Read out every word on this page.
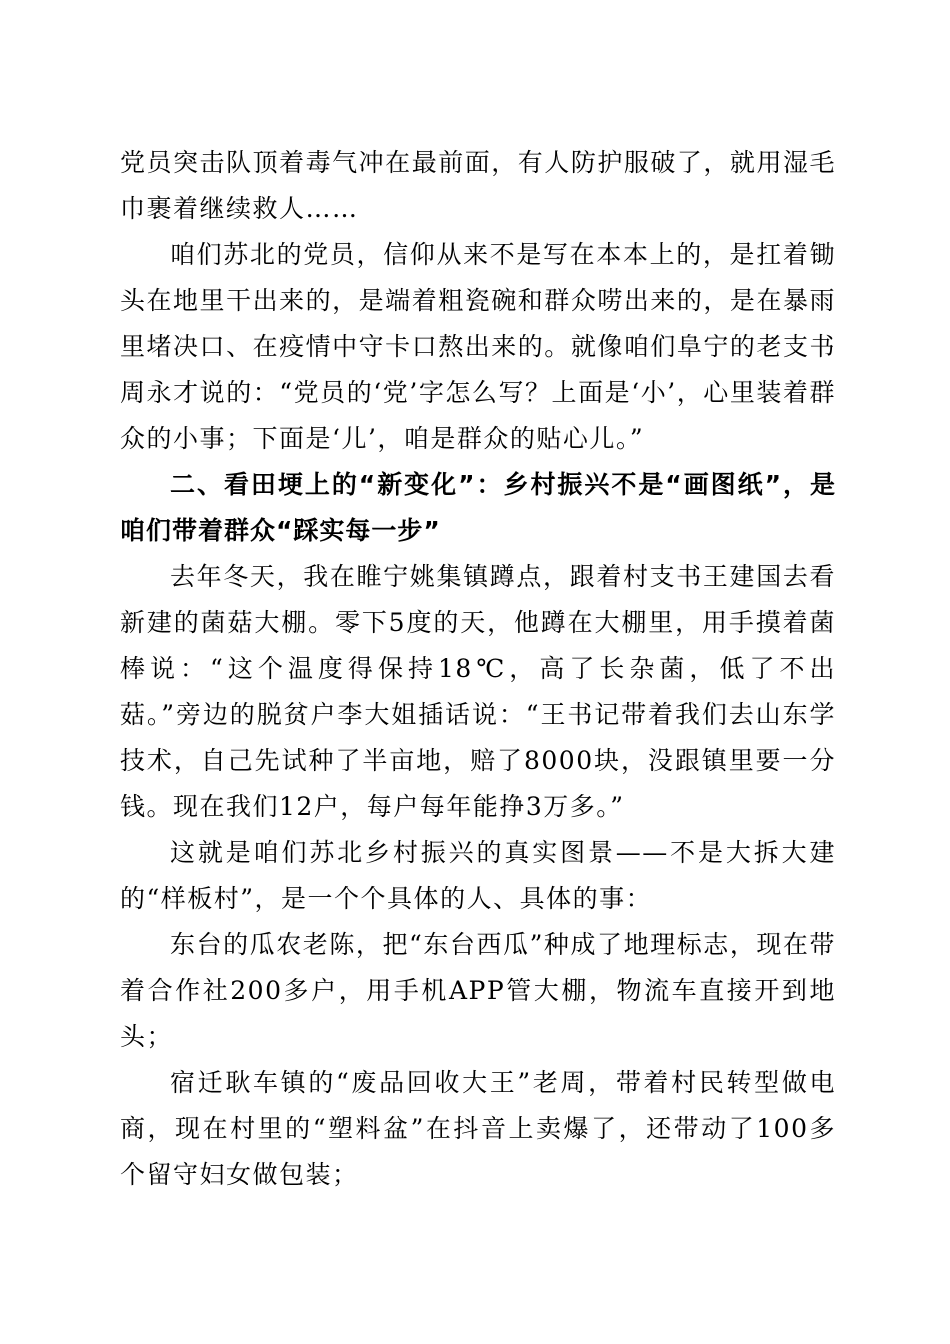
党员突击队顶着毒气冲在最前面，有人防护服破了，就用湿毛巾裹着继续救人……

咱们苏北的党员，信仰从来不是写在本本上的，是扛着锄头在地里干出来的，是端着粗瓷碗和群众唠出来的，是在暴雨里堵决口、在疫情中守卡口熬出来的。就像咱们阜宁的老支书周永才说的：“党员的‘党’字怎么写？上面是‘小’，心里装着群众的小事；下面是‘儿’，咱是群众的贴心儿。”

二、看田埂上的“新变化”：乡村振兴不是“画图纸”，是咱们带着群众“踩实每一步”

去年冬天，我在睢宁姚集镇蹲点，跟着村支书王建国去看新建的菌菇大棚。零下5度的天，他蹲在大棚里，用手摸着菌棒说：“这个温度得保持18℃，高了长杂菌，低了不出菇。”旁边的脱贫户李大姐插话说：“王书记带着我们去山东学技术，自己先试种了半亩地，赔了8000块，没跟镇里要一分钱。现在我们12户，每户每年能挣3万多。”

这就是咱们苏北乡村振兴的真实图景——不是大拆大建的“样板村”，是一个个具体的人、具体的事：

东台的瓜农老陈，把“东台西瓜”种成了地理标志，现在带着合作社200多户，用手机APP管大棚，物流车直接开到地头；

宿迁耿车镇的“废品回收大王”老周，带着村民转型做电商，现在村里的“塑料盆”在抖音上卖爆了，还带动了100多个留守妇女做包装；
